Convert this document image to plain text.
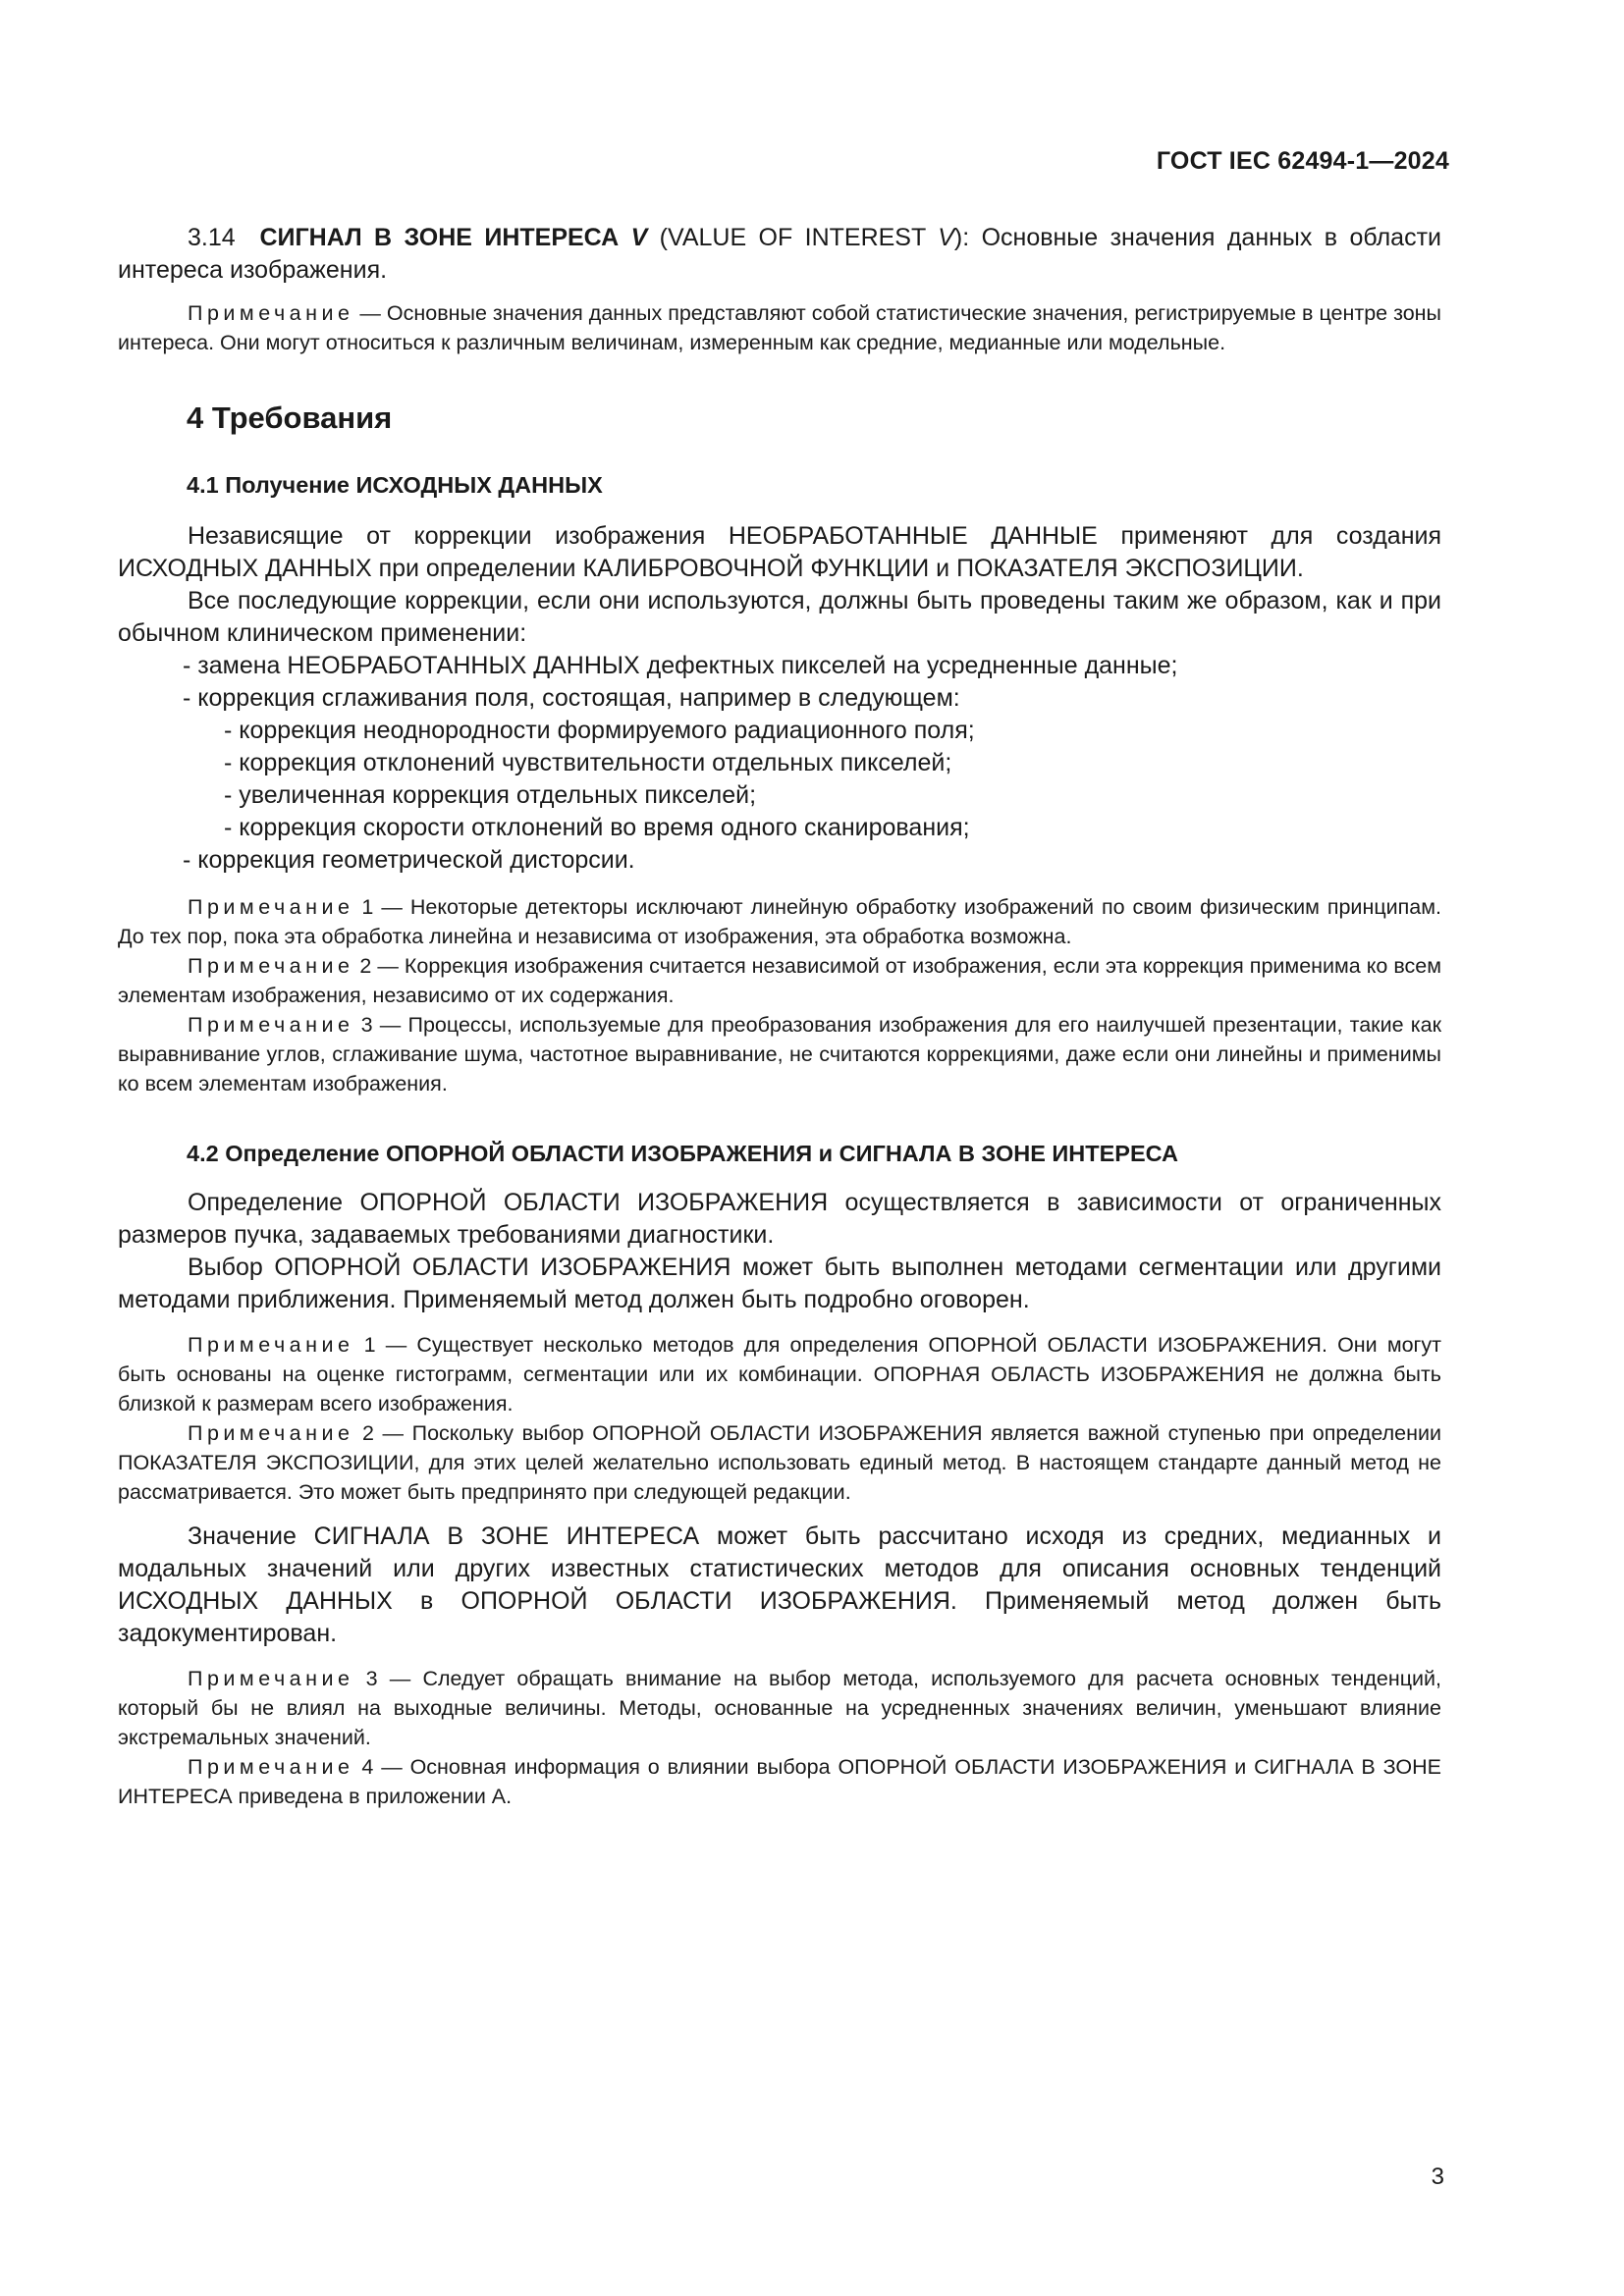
ГОСТ IEC 62494-1—2024

3.14 СИГНАЛ В ЗОНЕ ИНТЕРЕСА V (VALUE OF INTEREST V): Основные значения данных в области интереса изображения.

Примечание — Основные значения данных представляют собой статистические значения, регистрируемые в центре зоны интереса. Они могут относиться к различным величинам, измеренным как средние, медианные или модельные.

4 Требования
4.1 Получение ИСХОДНЫХ ДАННЫХ

Независящие от коррекции изображения НЕОБРАБОТАННЫЕ ДАННЫЕ применяют для создания ИСХОДНЫХ ДАННЫХ при определении КАЛИБРОВОЧНОЙ ФУНКЦИИ и ПОКАЗАТЕЛЯ ЭКСПОЗИЦИИ.

Все последующие коррекции, если они используются, должны быть проведены таким же образом, как и при обычном клиническом применении:

- замена НЕОБРАБОТАННЫХ ДАННЫХ дефектных пикселей на усредненные данные;

- коррекция сглаживания поля, состоящая, например в следующем:

- коррекция неоднородности формируемого радиационного поля;

- коррекция отклонений чувствительности отдельных пикселей;

- увеличенная коррекция отдельных пикселей;

- коррекция скорости отклонений во время одного сканирования;

- коррекция геометрической дисторсии.

Примечание 1 — Некоторые детекторы исключают линейную обработку изображений по своим физическим принципам. До тех пор, пока эта обработка линейна и независима от изображения, эта обработка возможна.

Примечание 2 — Коррекция изображения считается независимой от изображения, если эта коррекция применима ко всем элементам изображения, независимо от их содержания.

Примечание 3 — Процессы, используемые для преобразования изображения для его наилучшей презентации, такие как выравнивание углов, сглаживание шума, частотное выравнивание, не считаются коррекциями, даже если они линейны и применимы ко всем элементам изображения.

4.2 Определение ОПОРНОЙ ОБЛАСТИ ИЗОБРАЖЕНИЯ и СИГНАЛА В ЗОНЕ ИНТЕРЕСА

Определение ОПОРНОЙ ОБЛАСТИ ИЗОБРАЖЕНИЯ осуществляется в зависимости от ограниченных размеров пучка, задаваемых требованиями диагностики.

Выбор ОПОРНОЙ ОБЛАСТИ ИЗОБРАЖЕНИЯ может быть выполнен методами сегментации или другими методами приближения. Применяемый метод должен быть подробно оговорен.

Примечание 1 — Существует несколько методов для определения ОПОРНОЙ ОБЛАСТИ ИЗОБРАЖЕНИЯ. Они могут быть основаны на оценке гистограмм, сегментации или их комбинации. ОПОРНАЯ ОБЛАСТЬ ИЗОБРАЖЕНИЯ не должна быть близкой к размерам всего изображения.

Примечание 2 — Поскольку выбор ОПОРНОЙ ОБЛАСТИ ИЗОБРАЖЕНИЯ является важной ступенью при определении ПОКАЗАТЕЛЯ ЭКСПОЗИЦИИ, для этих целей желательно использовать единый метод. В настоящем стандарте данный метод не рассматривается. Это может быть предпринято при следующей редакции.

Значение СИГНАЛА В ЗОНЕ ИНТЕРЕСА может быть рассчитано исходя из средних, медианных и модальных значений или других известных статистических методов для описания основных тенденций ИСХОДНЫХ ДАННЫХ в ОПОРНОЙ ОБЛАСТИ ИЗОБРАЖЕНИЯ. Применяемый метод должен быть задокументирован.

Примечание 3 — Следует обращать внимание на выбор метода, используемого для расчета основных тенденций, который бы не влиял на выходные величины. Методы, основанные на усредненных значениях величин, уменьшают влияние экстремальных значений.

Примечание 4 — Основная информация о влиянии выбора ОПОРНОЙ ОБЛАСТИ ИЗОБРАЖЕНИЯ и СИГНАЛА В ЗОНЕ ИНТЕРЕСА приведена в приложении А.

3
